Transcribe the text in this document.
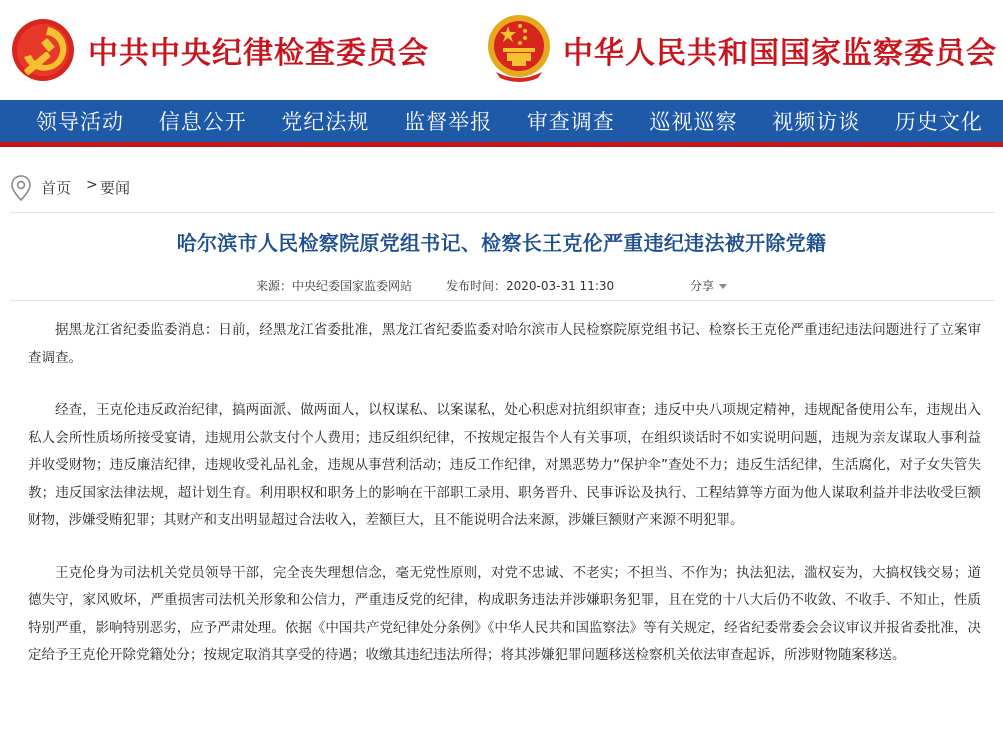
中共中央纪律检查委员会	中华人民共和国国家监察委员会
领导活动 信息公开 党纪法规 监督举报 审查调查 巡视巡察 视频访谈 历史文化
首页 > 要闻
哈尔滨市人民检察院原党组书记、检察长王克伦严重违纪违法被开除党籍
来源：中央纪委国家监委网站	发布时间：2020-03-31 11:30	分享

据黑龙江省纪委监委消息：日前，经黑龙江省委批准，黑龙江省纪委监委对哈尔滨市人民检察院原党组书记、检察长王克伦严重违纪违法问题进行了立案审查调查。

经查，王克伦违反政治纪律，搞两面派、做两面人，以权谋私、以案谋私，处心积虑对抗组织审查；违反中央八项规定精神，违规配备使用公车，违规出入私人会所性质场所接受宴请，违规用公款支付个人费用；违反组织纪律，不按规定报告个人有关事项，在组织谈话时不如实说明问题，违规为亲友谋取人事利益并收受财物；违反廉洁纪律，违规收受礼品礼金，违规从事营利活动；违反工作纪律，对黑恶势力“保护伞”查处不力；违反生活纪律，生活腐化，对子女失管失教；违反国家法律法规，超计划生育。利用职权和职务上的影响在干部职工录用、职务晋升、民事诉讼及执行、工程结算等方面为他人谋取利益并非法收受巨额财物，涉嫌受贿犯罪；其财产和支出明显超过合法收入，差额巨大，且不能说明合法来源，涉嫌巨额财产来源不明犯罪。

王克伦身为司法机关党员领导干部，完全丧失理想信念，毫无党性原则，对党不忠诚、不老实；不担当、不作为；执法犯法，滥权妄为，大搞权钱交易；道德失守，家风败坏，严重损害司法机关形象和公信力，严重违反党的纪律，构成职务违法并涉嫌职务犯罪，且在党的十八大后仍不收敛、不收手、不知止，性质特别严重，影响特别恶劣，应予严肃处理。依据《中国共产党纪律处分条例》《中华人民共和国监察法》等有关规定，经省纪委常委会会议审议并报省委批准，决定给予王克伦开除党籍处分；按规定取消其享受的待遇；收缴其违纪违法所得；将其涉嫌犯罪问题移送检察机关依法审查起诉，所涉财物随案移送。
